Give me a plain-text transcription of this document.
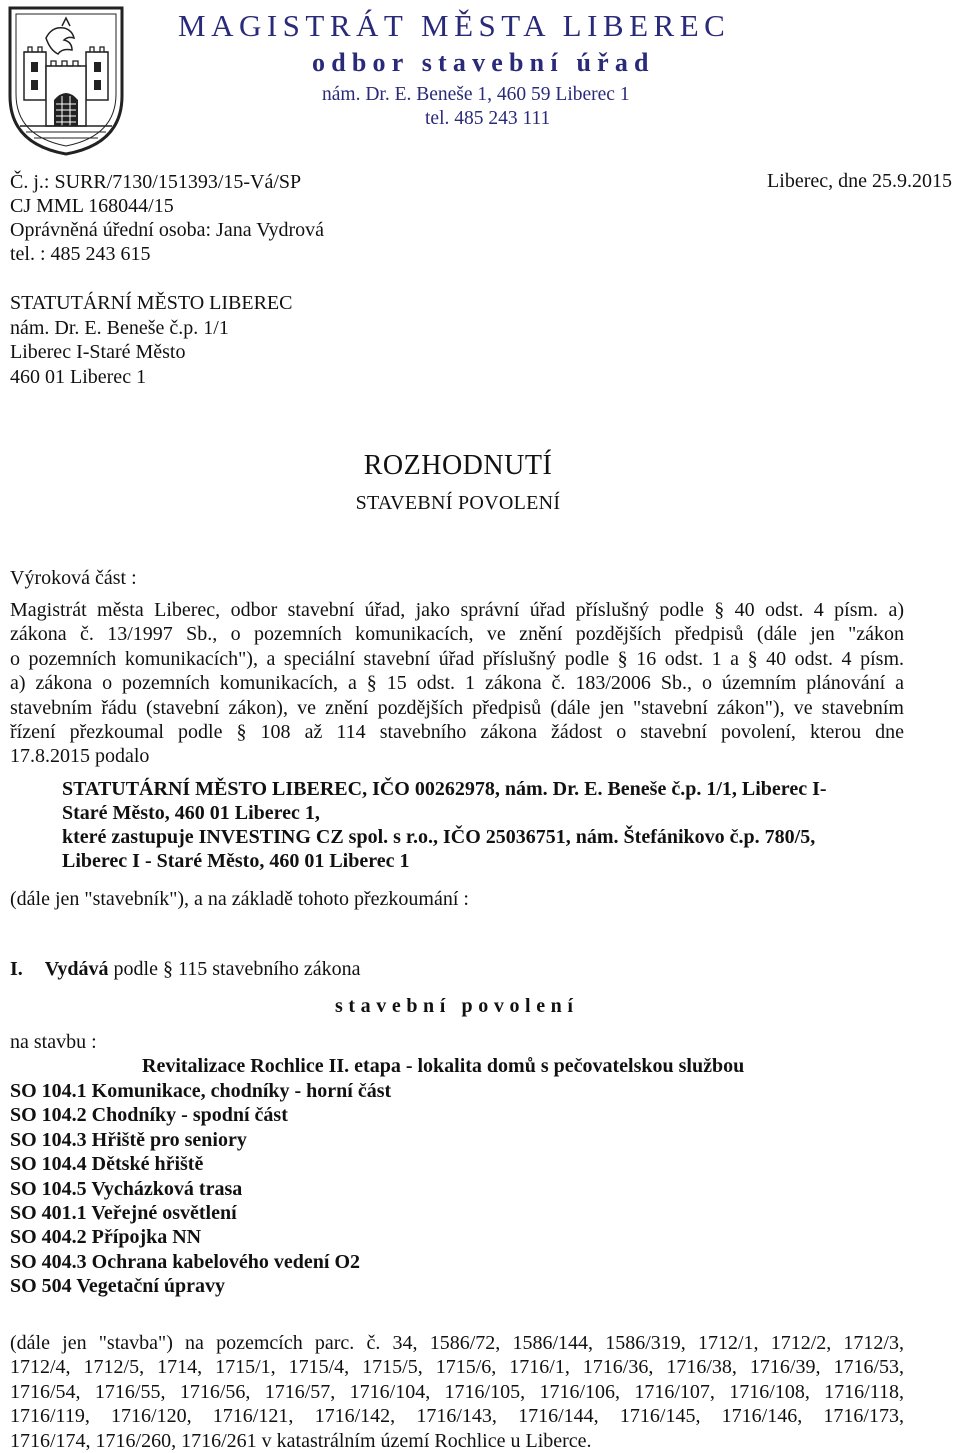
MAGISTRÁT MĚSTA LIBEREC
odbor stavební úřad
nám. Dr. E. Beneše 1, 460 59 Liberec 1
tel. 485 243 111
Č. j.: SURR/7130/151393/15-Vá/SP
CJ MML 168044/15
Oprávněná úřední osoba: Jana Vydrová
tel. : 485 243 615
Liberec, dne 25.9.2015
STATUTÁRNÍ MĚSTO LIBEREC
nám. Dr. E. Beneše č.p. 1/1
Liberec I-Staré Město
460 01 Liberec 1
ROZHODNUTÍ
STAVEBNÍ POVOLENÍ
Výroková část :
Magistrát města Liberec, odbor stavební úřad, jako správní úřad příslušný podle § 40 odst. 4 písm. a)
zákona č. 13/1997 Sb., o pozemních komunikacích, ve znění pozdějších předpisů (dále jen "zákon
o pozemních komunikacích"), a speciální stavební úřad příslušný podle § 16 odst. 1 a § 40 odst. 4 písm.
a) zákona o pozemních komunikacích, a § 15 odst. 1 zákona č. 183/2006 Sb., o územním plánování a
stavebním řádu (stavební zákon), ve znění pozdějších předpisů (dále jen "stavební zákon"), ve stavebním
řízení přezkoumal podle § 108 až 114 stavebního zákona žádost o stavební povolení, kterou dne
17.8.2015 podalo
STATUTÁRNÍ MĚSTO LIBEREC, IČO 00262978, nám. Dr. E. Beneše č.p. 1/1, Liberec I-
Staré Město, 460 01 Liberec 1,
které zastupuje INVESTING CZ spol. s r.o., IČO 25036751, nám. Štefánikovo č.p. 780/5,
Liberec I - Staré Město, 460 01 Liberec 1
(dále jen "stavebník"), a na základě tohoto přezkoumání :
I. Vydává podle § 115 stavebního zákona
stavební povolení
na stavbu :
Revitalizace Rochlice II. etapa - lokalita domů s pečovatelskou službou
SO 104.1 Komunikace, chodníky - horní část
SO 104.2 Chodníky - spodní část
SO 104.3 Hřiště pro seniory
SO 104.4 Dětské hřiště
SO 104.5 Vycházková trasa
SO 401.1 Veřejné osvětlení
SO 404.2 Přípojka NN
SO 404.3 Ochrana kabelového vedení O2
SO 504 Vegetační úpravy
(dále jen "stavba") na pozemcích parc. č. 34, 1586/72, 1586/144, 1586/319, 1712/1, 1712/2, 1712/3,
1712/4, 1712/5, 1714, 1715/1, 1715/4, 1715/5, 1715/6, 1716/1, 1716/36, 1716/38, 1716/39, 1716/53,
1716/54, 1716/55, 1716/56, 1716/57, 1716/104, 1716/105, 1716/106, 1716/107, 1716/108, 1716/118,
1716/119, 1716/120, 1716/121, 1716/142, 1716/143, 1716/144, 1716/145, 1716/146, 1716/173,
1716/174, 1716/260, 1716/261 v katastrálním území Rochlice u Liberce.
